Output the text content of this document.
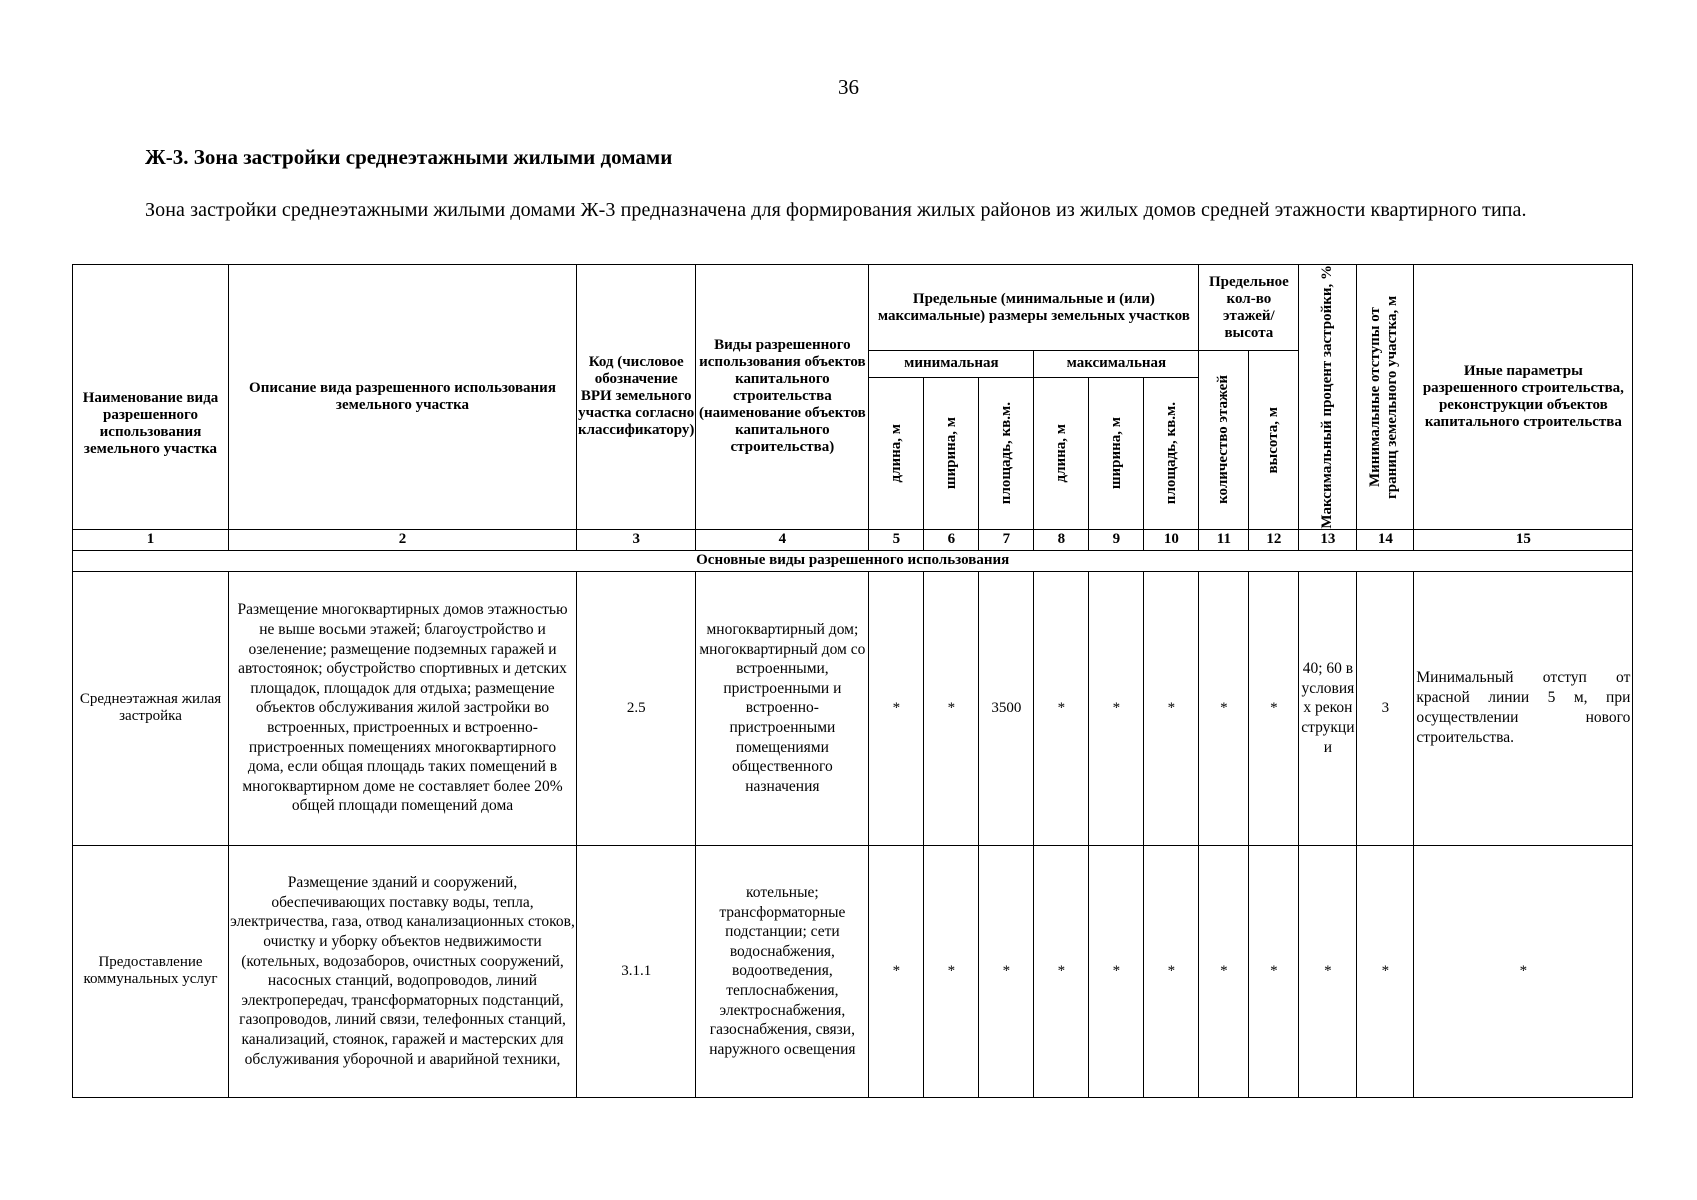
36
Ж-3. Зона застройки среднеэтажными жилыми домами
Зона застройки среднеэтажными жилыми домами Ж-3 предназначена для формирования жилых районов из жилых домов средней этажности квартирного типа.
Наименование вида разрешенного использования земельного участка	Описание вида разрешенного использования земельного участка	Код (числовое обозначение ВРИ земельного участка согласно классификатору)	Виды разрешенного использования объектов капитального строительства (наименование объектов капитального строительства)	Предельные (минимальные и (или) максимальные) размеры земельных участков						Предельное кол-во этажей/ высота		Максимальный процент застройки, %	Минимальные отступы от границ земельного участка, м	Иные параметры разрешенного строительства, реконструкции объектов капитального строительства
				минимальная			максимальная			количество этажей	высота, м			

				длина, м	ширина, м	площадь, кв.м.	длина, м	ширина, м	площадь, кв.м.					

1	2	3	4	5	6	7	8	9	10	11	12	13	14	15
Основные виды разрешенного использования														
Среднеэтажная жилая застройка	Размещение многоквартирных домов этажностью не выше восьми этажей; благоустройство и озеленение; размещение подземных гаражей и автостоянок; обустройство спортивных и детских площадок, площадок для отдыха; размещение объектов обслуживания жилой застройки во встроенных, пристроенных и встроенно-пристроенных помещениях многоквартирного дома, если общая площадь таких помещений в многоквартирном доме не составляет более 20% общей площади помещений дома	2.5	многоквартирный дом; многоквартирный дом со встроенными, пристроенными и встроенно-пристроенными помещениями общественного назначения	*	*	3500	*	*	*	*	*	40; 60 в условиях реконструкции	3	Минимальный отступ от красной линии 5 м, при осуществлении нового строительства.
Предоставление коммунальных услуг	Размещение зданий и сооружений, обеспечивающих поставку воды, тепла, электричества, газа, отвод канализационных стоков, очистку и уборку объектов недвижимости (котельных, водозаборов, очистных сооружений, насосных станций, водопроводов, линий электропередач, трансформаторных подстанций, газопроводов, линий связи, телефонных станций, канализаций, стоянок, гаражей и мастерских для обслуживания уборочной и аварийной техники,	3.1.1	котельные; трансформаторные подстанции; сети водоснабжения, водоотведения, теплоснабжения, электроснабжения, газоснабжения, связи, наружного освещения	*	*	*	*	*	*	*	*	*	*	*
